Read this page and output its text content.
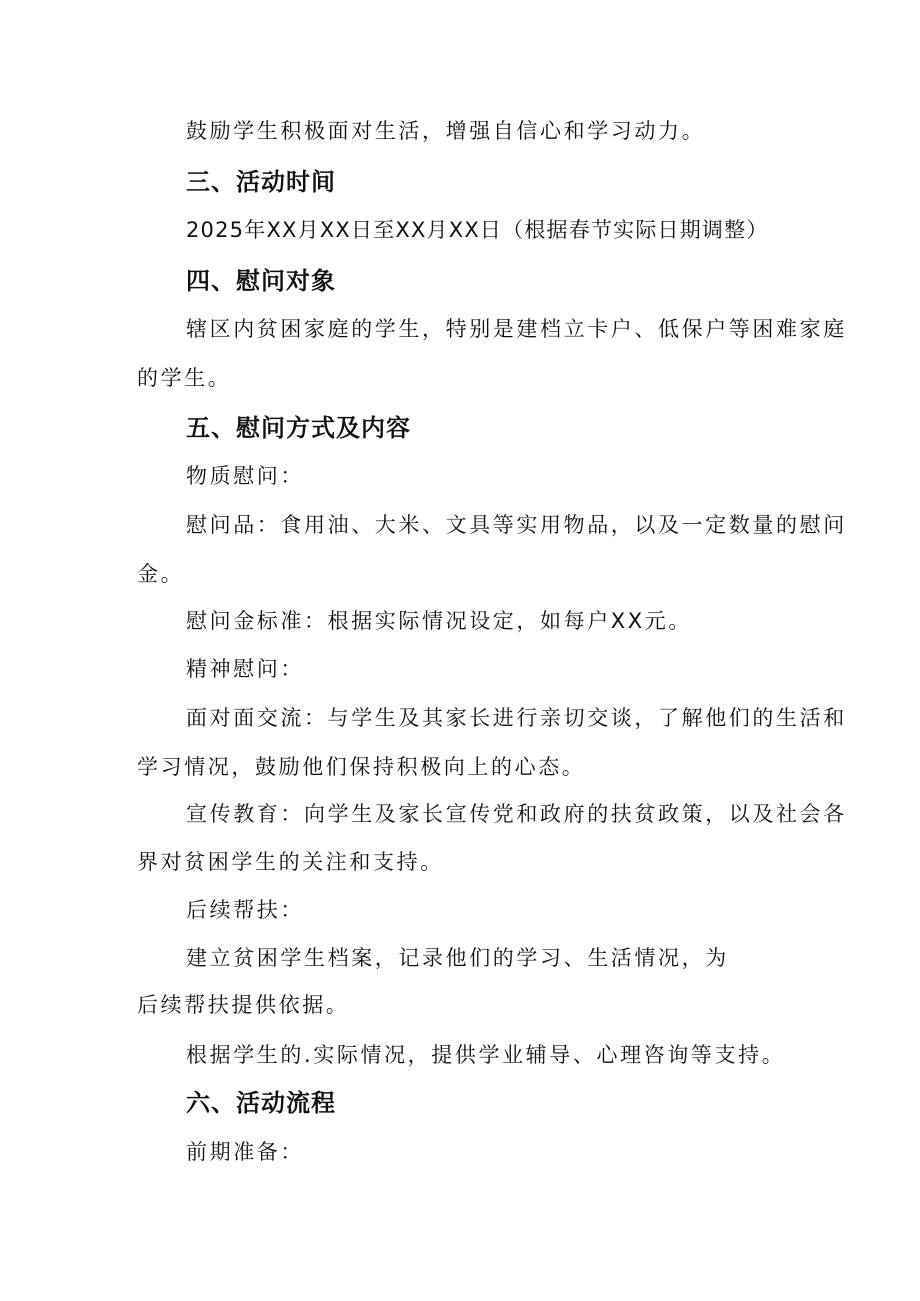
鼓励学生积极面对生活，增强自信心和学习动力。
三、活动时间
2025年XX月XX日至XX月XX日（根据春节实际日期调整）
四、慰问对象
辖区内贫困家庭的学生，特别是建档立卡户、低保户等困难家庭
的学生。
五、慰问方式及内容
物质慰问：
慰问品：食用油、大米、文具等实用物品，以及一定数量的慰问
金。
慰问金标准：根据实际情况设定，如每户XX元。
精神慰问：
面对面交流：与学生及其家长进行亲切交谈，了解他们的生活和
学习情况，鼓励他们保持积极向上的心态。
宣传教育：向学生及家长宣传党和政府的扶贫政策，以及社会各
界对贫困学生的关注和支持。
后续帮扶：
建立贫困学生档案，记录他们的学习、生活情况，为
后续帮扶提供依据。
根据学生的.实际情况，提供学业辅导、心理咨询等支持。
六、活动流程
前期准备：
